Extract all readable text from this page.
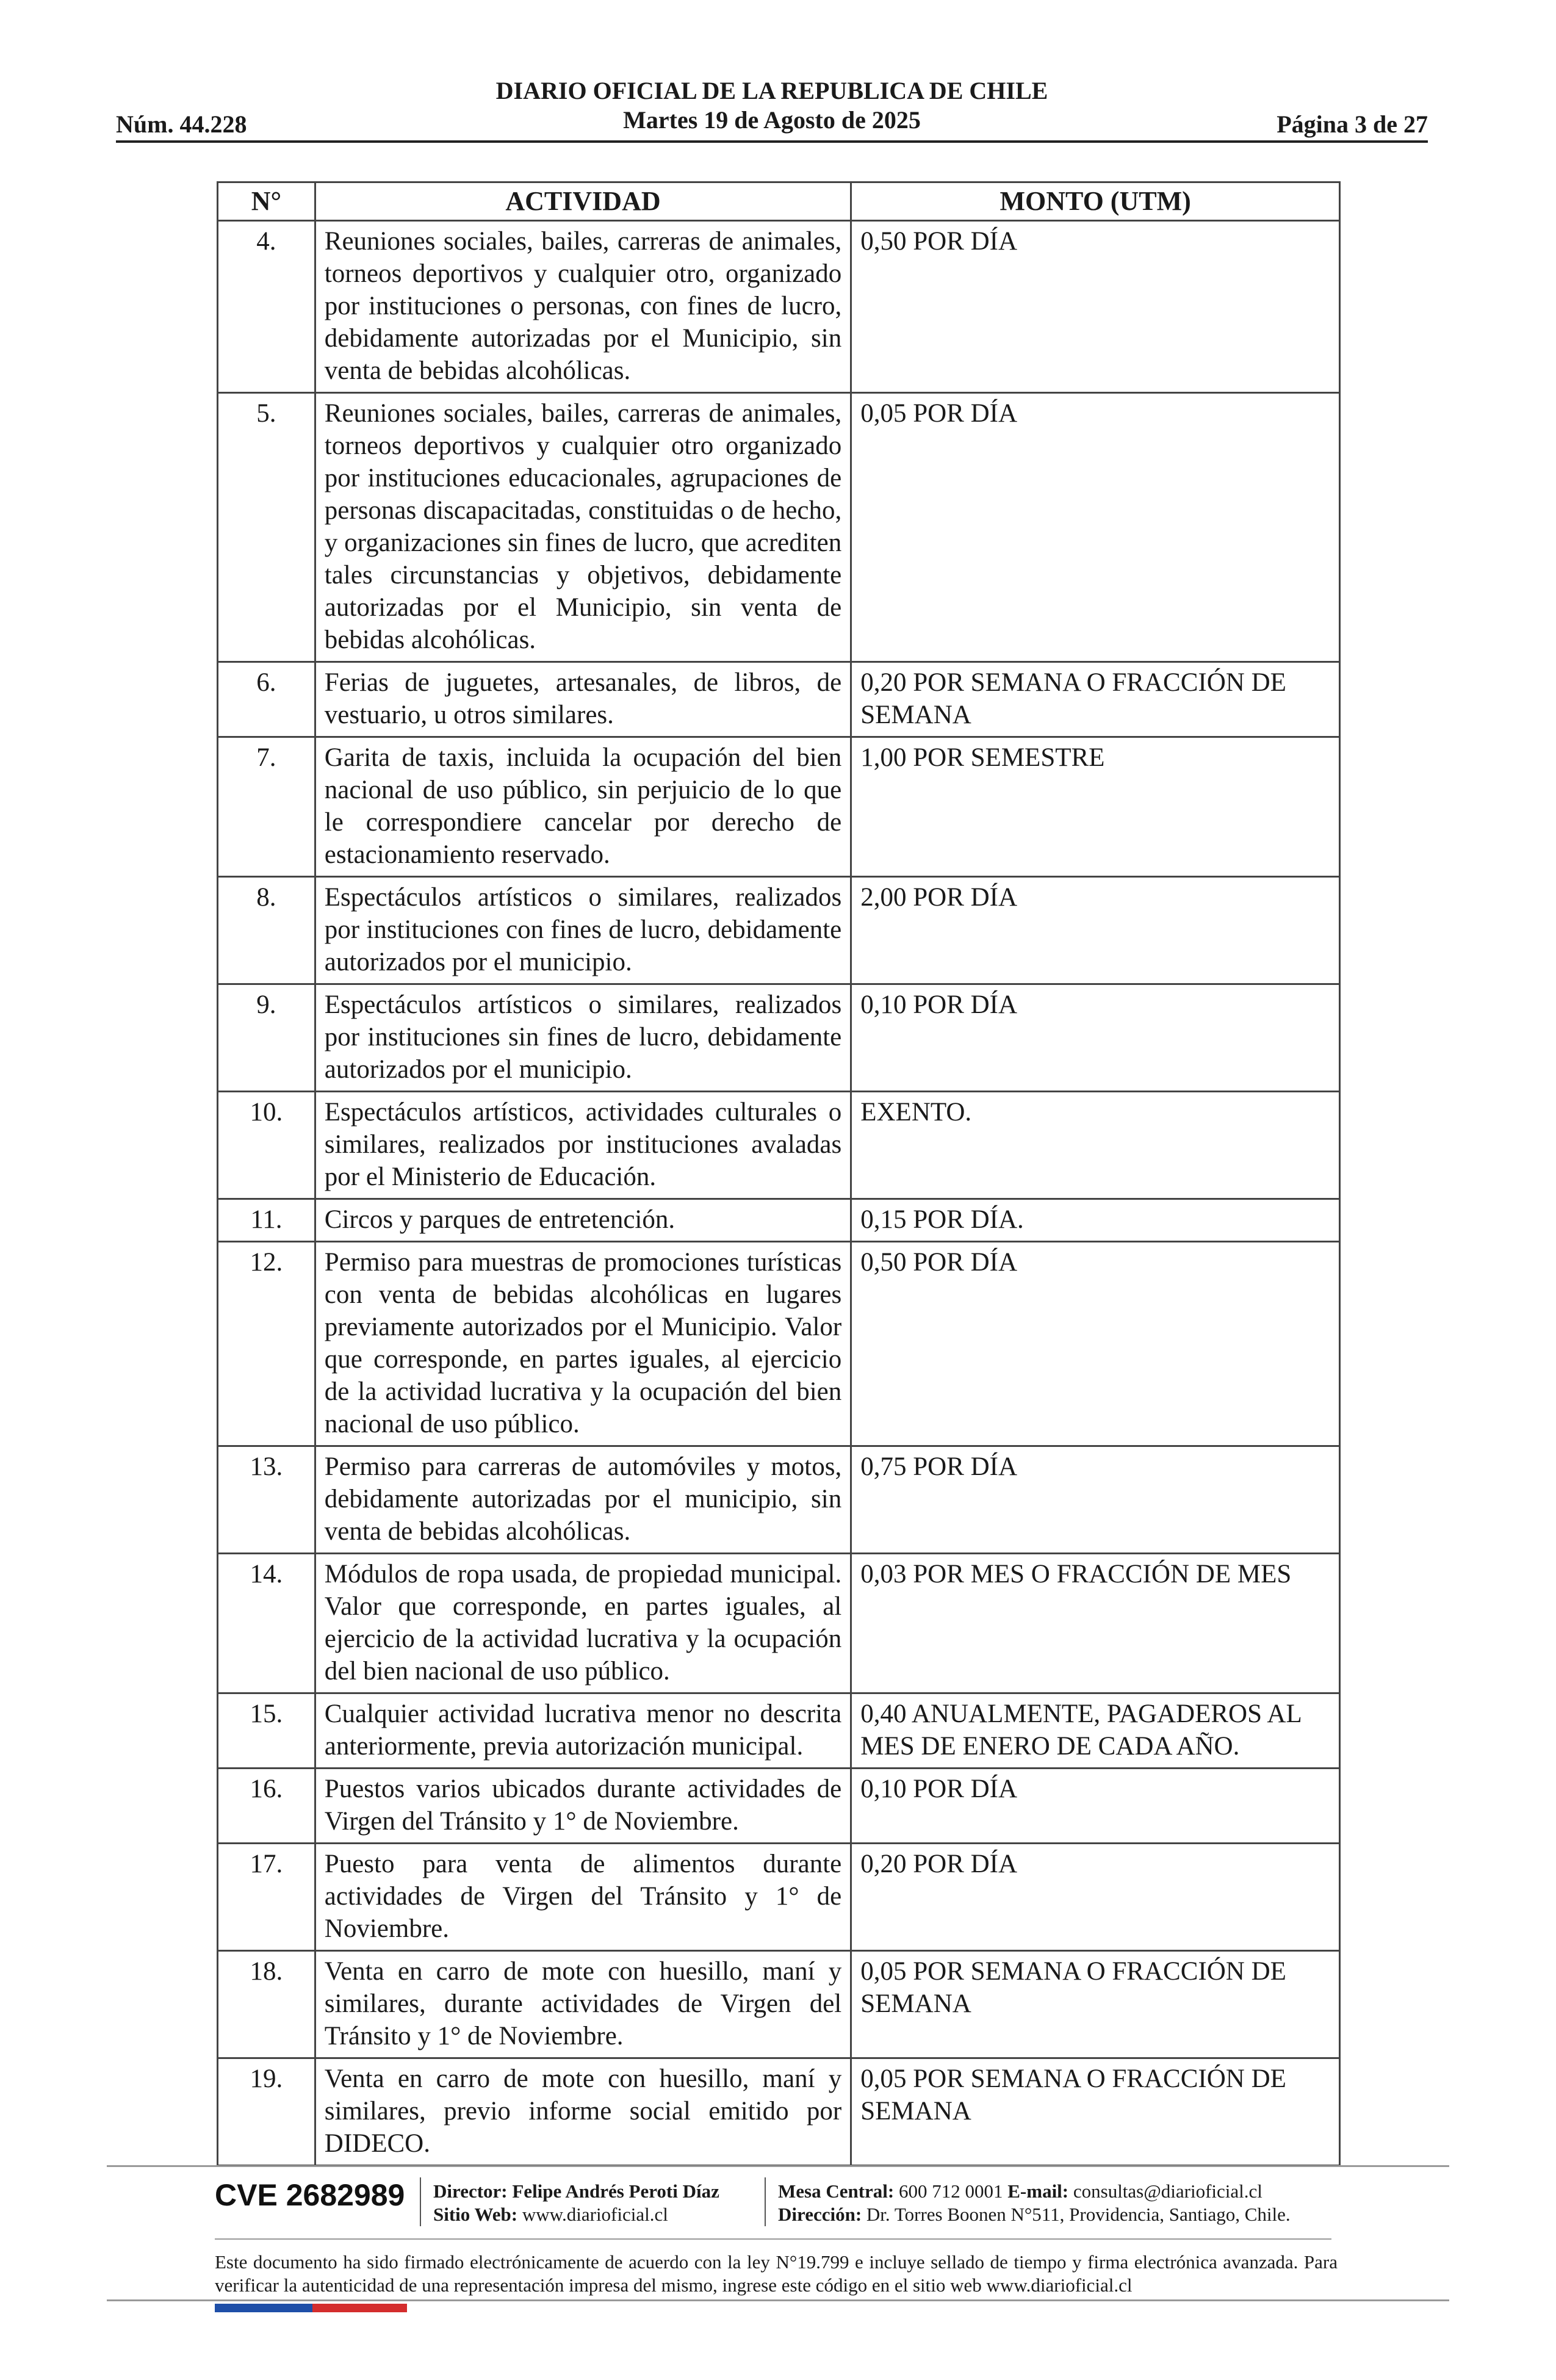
DIARIO OFICIAL DE LA REPUBLICA DE CHILE
Martes 19 de Agosto de 2025
Núm. 44.228	Página 3 de 27
N°	ACTIVIDAD	MONTO (UTM)
4.	Reuniones sociales, bailes, carreras de animales, torneos deportivos y cualquier otro, organizado por instituciones o personas, con fines de lucro, debidamente autorizadas por el Municipio, sin venta de bebidas alcohólicas.	0,50 POR DÍA
5.	Reuniones sociales, bailes, carreras de animales, torneos deportivos y cualquier otro organizado por instituciones educacionales, agrupaciones de personas discapacitadas, constituidas o de hecho, y organizaciones sin fines de lucro, que acrediten tales circunstancias y objetivos, debidamente autorizadas por el Municipio, sin venta de bebidas alcohólicas.	0,05 POR DÍA
6.	Ferias de juguetes, artesanales, de libros, de vestuario, u otros similares.	0,20 POR SEMANA O FRACCIÓN DE SEMANA
7.	Garita de taxis, incluida la ocupación del bien nacional de uso público, sin perjuicio de lo que le correspondiere cancelar por derecho de estacionamiento reservado.	1,00 POR SEMESTRE
8.	Espectáculos artísticos o similares, realizados por instituciones con fines de lucro, debidamente autorizados por el municipio.	2,00 POR DÍA
9.	Espectáculos artísticos o similares, realizados por instituciones sin fines de lucro, debidamente autorizados por el municipio.	0,10 POR DÍA
10.	Espectáculos artísticos, actividades culturales o similares, realizados por instituciones avaladas por el Ministerio de Educación.	EXENTO.
11.	Circos y parques de entretención.	0,15 POR DÍA.
12.	Permiso para muestras de promociones turísticas con venta de bebidas alcohólicas en lugares previamente autorizados por el Municipio. Valor que corresponde, en partes iguales, al ejercicio de la actividad lucrativa y la ocupación del bien nacional de uso público.	0,50 POR DÍA
13.	Permiso para carreras de automóviles y motos, debidamente autorizadas por el municipio, sin venta de bebidas alcohólicas.	0,75 POR DÍA
14.	Módulos de ropa usada, de propiedad municipal. Valor que corresponde, en partes iguales, al ejercicio de la actividad lucrativa y la ocupación del bien nacional de uso público.	0,03 POR MES O FRACCIÓN DE MES
15.	Cualquier actividad lucrativa menor no descrita anteriormente, previa autorización municipal.	0,40 ANUALMENTE, PAGADEROS AL MES DE ENERO DE CADA AÑO.
16.	Puestos varios ubicados durante actividades de Virgen del Tránsito y 1° de Noviembre.	0,10 POR DÍA
17.	Puesto para venta de alimentos durante actividades de Virgen del Tránsito y 1° de Noviembre.	0,20 POR DÍA
18.	Venta en carro de mote con huesillo, maní y similares, durante actividades de Virgen del Tránsito y 1° de Noviembre.	0,05 POR SEMANA O FRACCIÓN DE SEMANA
19.	Venta en carro de mote con huesillo, maní y similares, previo informe social emitido por DIDECO.	0,05 POR SEMANA O FRACCIÓN DE SEMANA
CVE 2682989 Director: Felipe Andrés Peroti Díaz
Sitio Web: www.diarioficial.cl
Mesa Central: 600 712 0001 E-mail: consultas@diarioficial.cl
Dirección: Dr. Torres Boonen N°511, Providencia, Santiago, Chile.
Este documento ha sido firmado electrónicamente de acuerdo con la ley N°19.799 e incluye sellado de tiempo y firma electrónica avanzada. Para verificar la autenticidad de una representación impresa del mismo, ingrese este código en el sitio web www.diarioficial.cl
